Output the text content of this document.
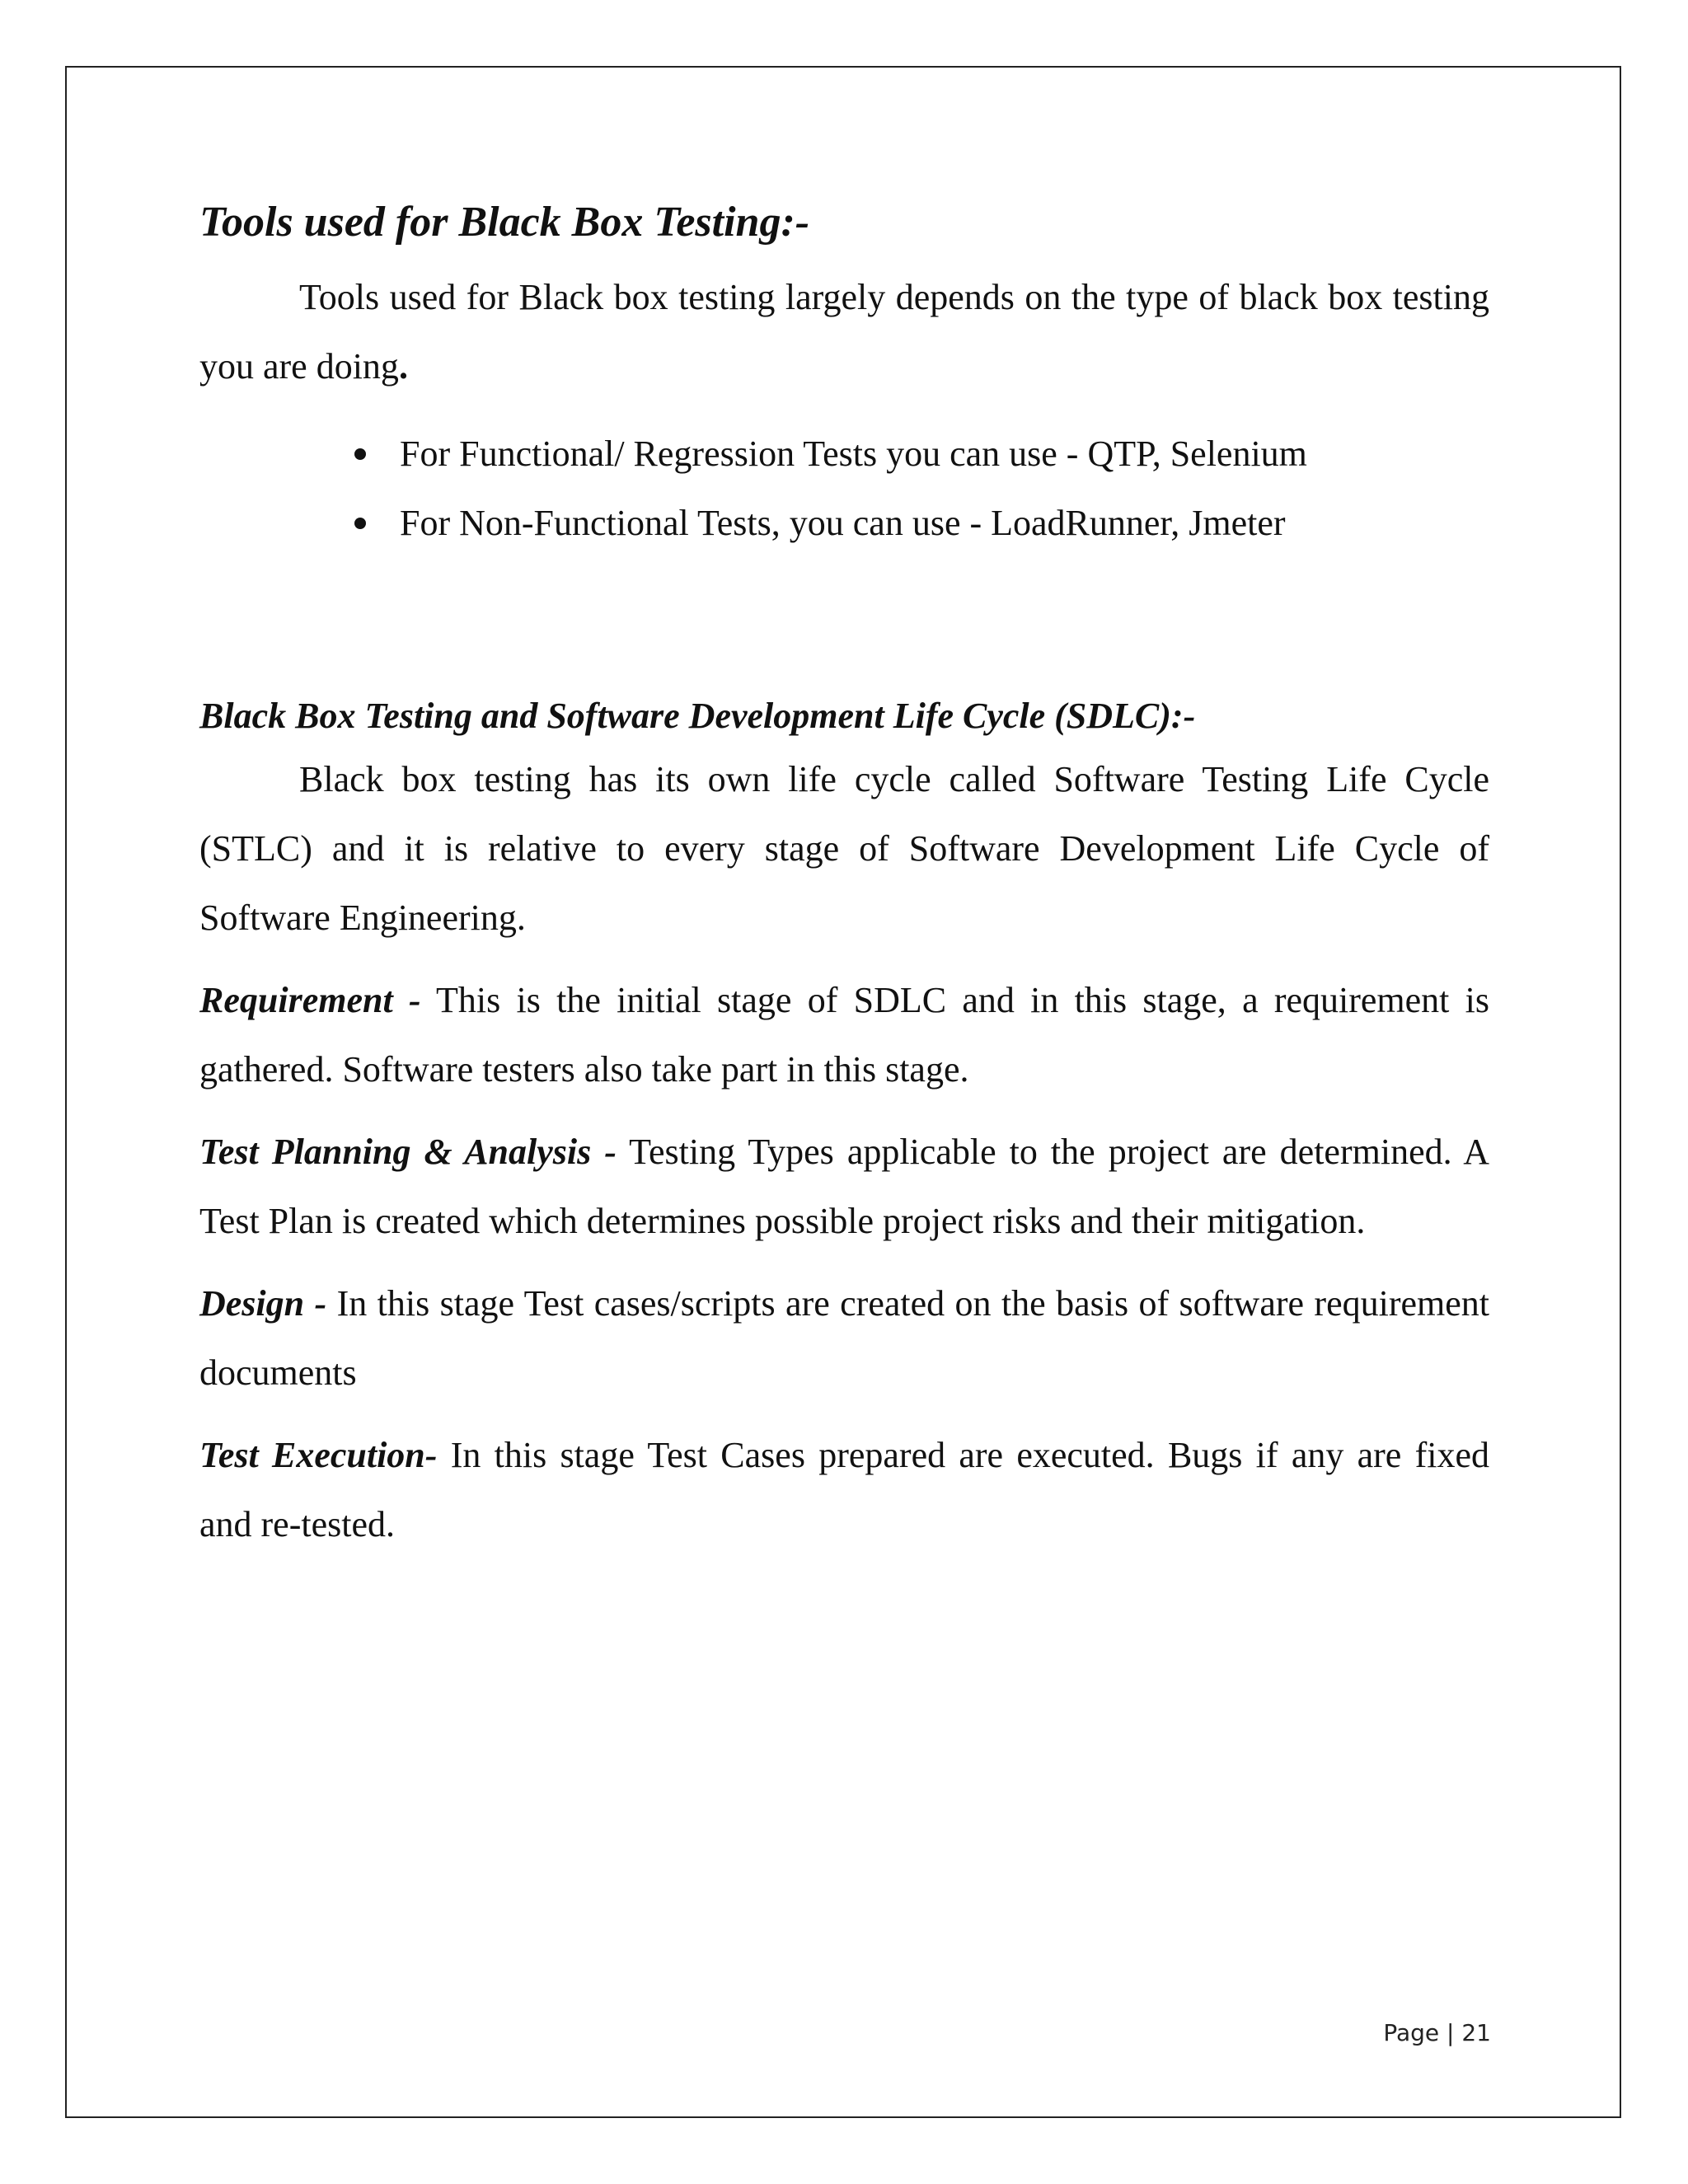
Tools used for Black Box Testing:-

Tools used for Black box testing largely depends on the type of black box testing you are doing.

For Functional/ Regression Tests you can use - QTP, Selenium
For Non-Functional Tests, you can use - LoadRunner, Jmeter
Black Box Testing and Software Development Life Cycle (SDLC):-

Black box testing has its own life cycle called Software Testing Life Cycle (STLC) and it is relative to every stage of Software Development Life Cycle of Software Engineering.

Requirement - This is the initial stage of SDLC and in this stage, a requirement is gathered. Software testers also take part in this stage.

Test Planning & Analysis - Testing Types applicable to the project are determined. A Test Plan is created which determines possible project risks and their mitigation.

Design - In this stage Test cases/scripts are created on the basis of software requirement documents

Test Execution- In this stage Test Cases prepared are executed. Bugs if any are fixed and re-tested.

Page | 21
